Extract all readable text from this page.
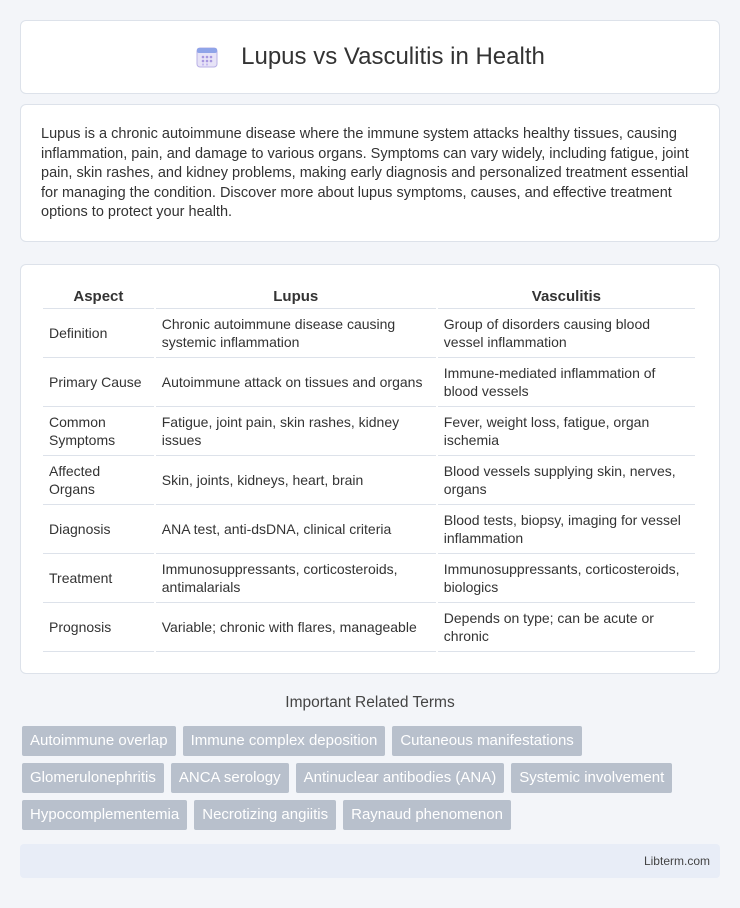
Lupus vs Vasculitis in Health

Lupus is a chronic autoimmune disease where the immune system attacks healthy tissues, causing inflammation, pain, and damage to various organs. Symptoms can vary widely, including fatigue, joint pain, skin rashes, and kidney problems, making early diagnosis and personalized treatment essential for managing the condition. Discover more about lupus symptoms, causes, and effective treatment options to protect your health.

Aspect	Lupus	Vasculitis
Definition	Chronic autoimmune disease causing systemic inflammation	Group of disorders causing blood vessel inflammation
Primary Cause	Autoimmune attack on tissues and organs	Immune-mediated inflammation of blood vessels
Common Symptoms	Fatigue, joint pain, skin rashes, kidney issues	Fever, weight loss, fatigue, organ ischemia
Affected Organs	Skin, joints, kidneys, heart, brain	Blood vessels supplying skin, nerves, organs
Diagnosis	ANA test, anti-dsDNA, clinical criteria	Blood tests, biopsy, imaging for vessel inflammation
Treatment	Immunosuppressants, corticosteroids, antimalarials	Immunosuppressants, corticosteroids, biologics
Prognosis	Variable; chronic with flares, manageable	Depends on type; can be acute or chronic
Important Related Terms
Autoimmune overlap	Immune complex deposition	Cutaneous manifestations
Glomerulonephritis	ANCA serology	Antinuclear antibodies (ANA)	Systemic involvement
Hypocomplementemia	Necrotizing angiitis	Raynaud phenomenon
Libterm.com
